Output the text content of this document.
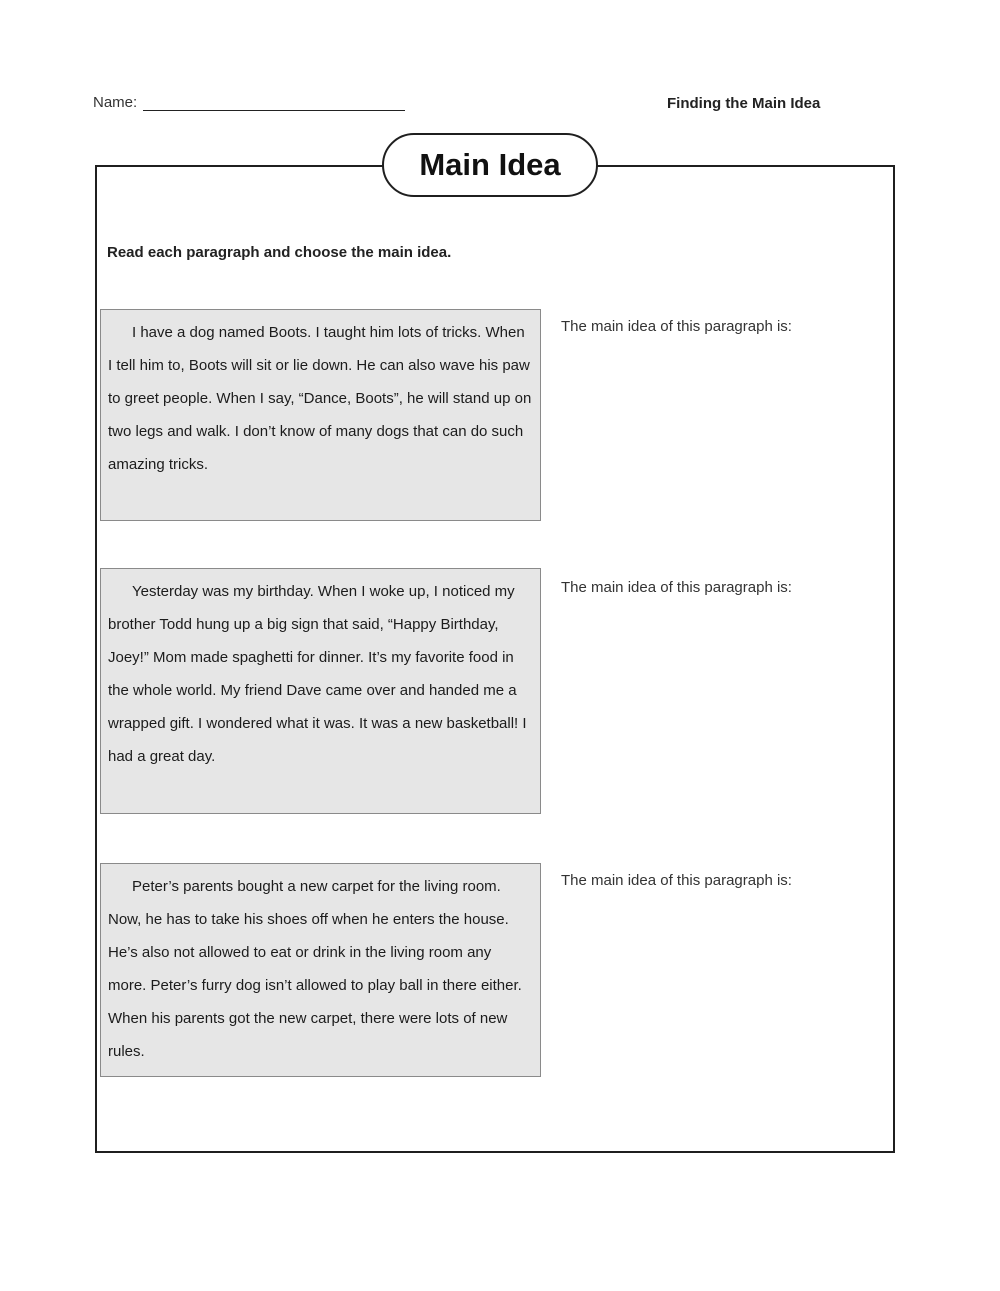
Name:	Finding the Main Idea
Main Idea
Read each paragraph and choose the main idea.

I have a dog named Boots. I taught him lots of tricks. When I tell him to, Boots will sit or lie down. He can also wave his paw to greet people. When I say, “Dance, Boots”, he will stand up on two legs and walk. I don’t know of many dogs that can do such amazing tricks.

The main idea of this paragraph is:

Yesterday was my birthday. When I woke up, I noticed my brother Todd hung up a big sign that said, “Happy Birthday, Joey!” Mom made spaghetti for dinner. It’s my favorite food in the whole world. My friend Dave came over and handed me a wrapped gift. I wondered what it was. It was a new basketball! I had a great day.

The main idea of this paragraph is:

Peter’s parents bought a new carpet for the living room. Now, he has to take his shoes off when he enters the house. He’s also not allowed to eat or drink in the living room any more. Peter’s furry dog isn’t allowed to play ball in there either. When his parents got the new carpet, there were lots of new rules.

The main idea of this paragraph is:
